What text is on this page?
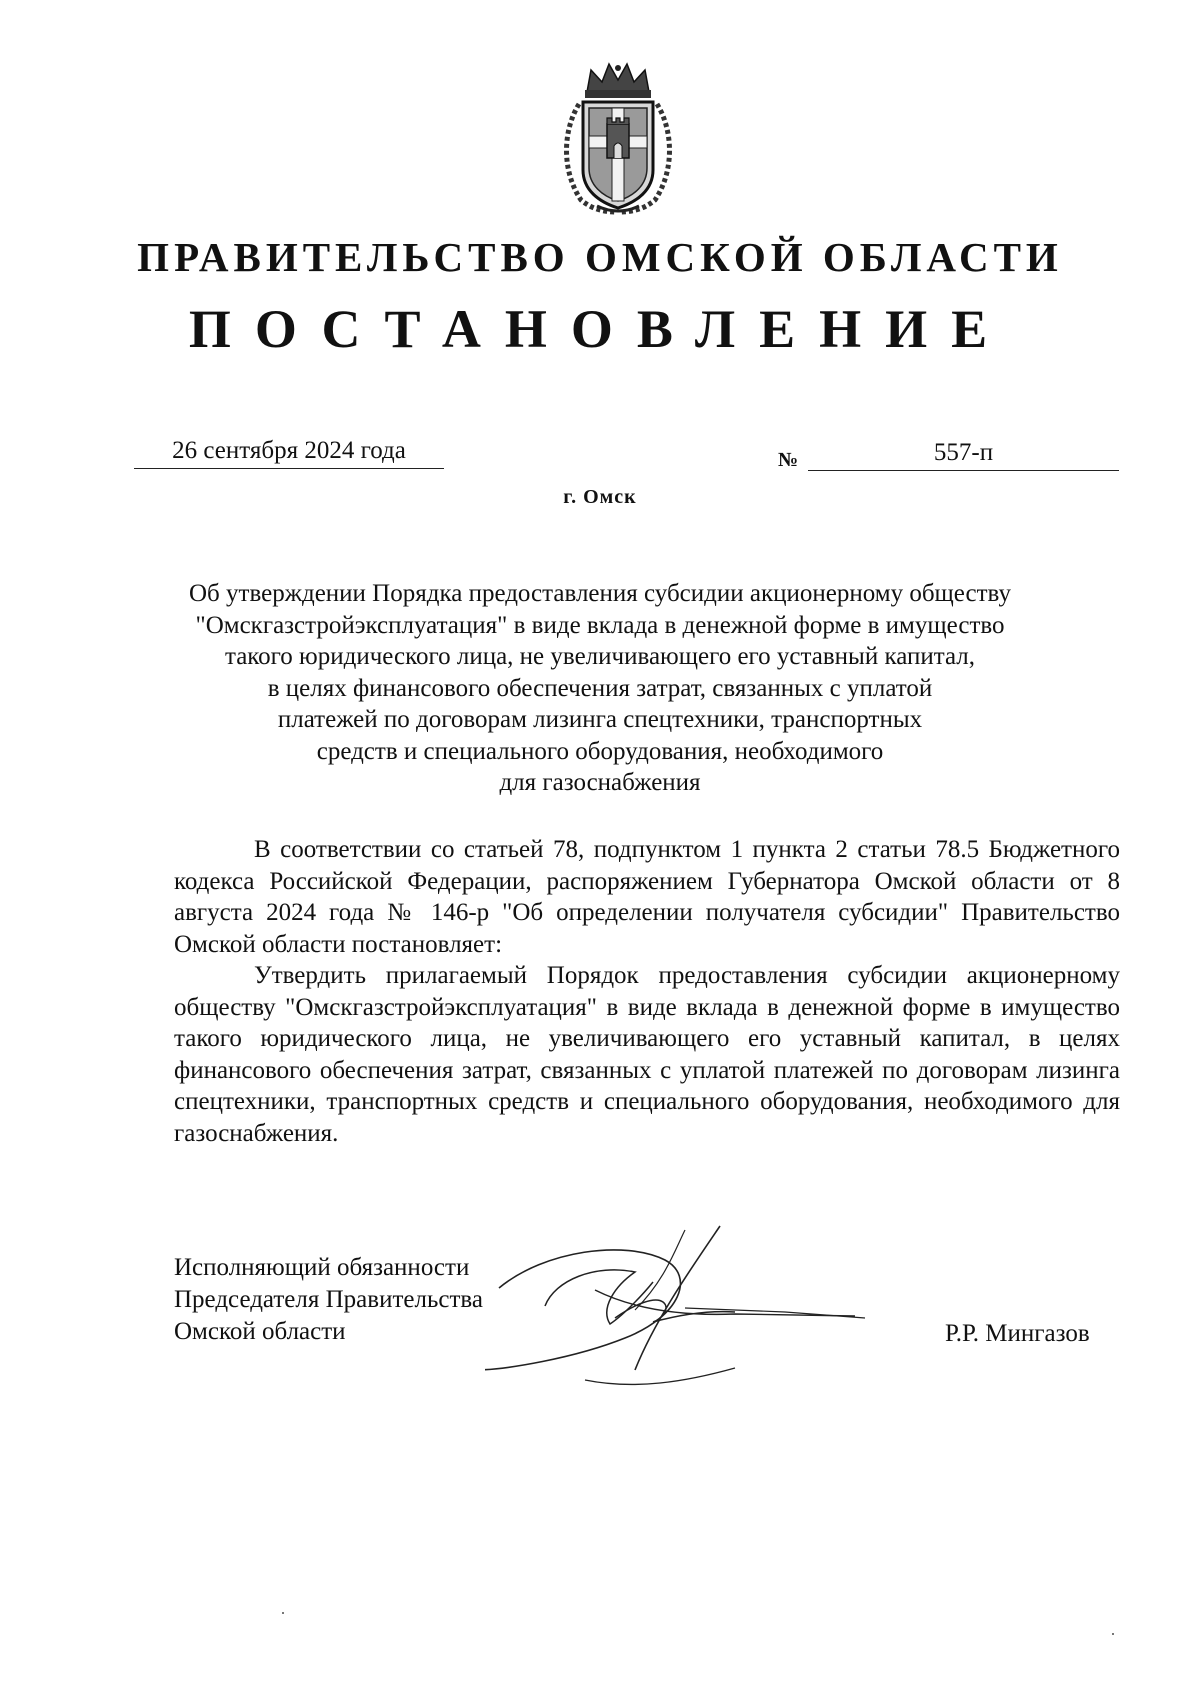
ПРАВИТЕЛЬСТВО ОМСКОЙ ОБЛАСТИ
ПОСТАНОВЛЕНИЕ
26 сентября 2024 года	№	557-п
г. Омск
Об утверждении Порядка предоставления субсидии акционерному обществу
"Омскгазстройэксплуатация" в виде вклада в денежной форме в имущество
такого юридического лица, не увеличивающего его уставный капитал,
в целях финансового обеспечения затрат, связанных с уплатой
платежей по договорам лизинга спецтехники, транспортных
средств и специального оборудования, необходимого
для газоснабжения
В соответствии со статьей 78, подпунктом 1 пункта 2 статьи 78.5 Бюджетного кодекса Российской Федерации, распоряжением Губернатора Омской области от 8 августа 2024 года № 146-р "Об определении получателя субсидии" Правительство Омской области постановляет:
Утвердить прилагаемый Порядок предоставления субсидии акционерному обществу "Омскгазстройэксплуатация" в виде вклада в денежной форме в имущество такого юридического лица, не увеличивающего его уставный капитал, в целях финансового обеспечения затрат, связанных с уплатой платежей по договорам лизинга спецтехники, транспортных средств и специального оборудования, необходимого для газоснабжения.
Исполняющий обязанности
Председателя Правительства
Омской области	Р.Р. Мингазов
